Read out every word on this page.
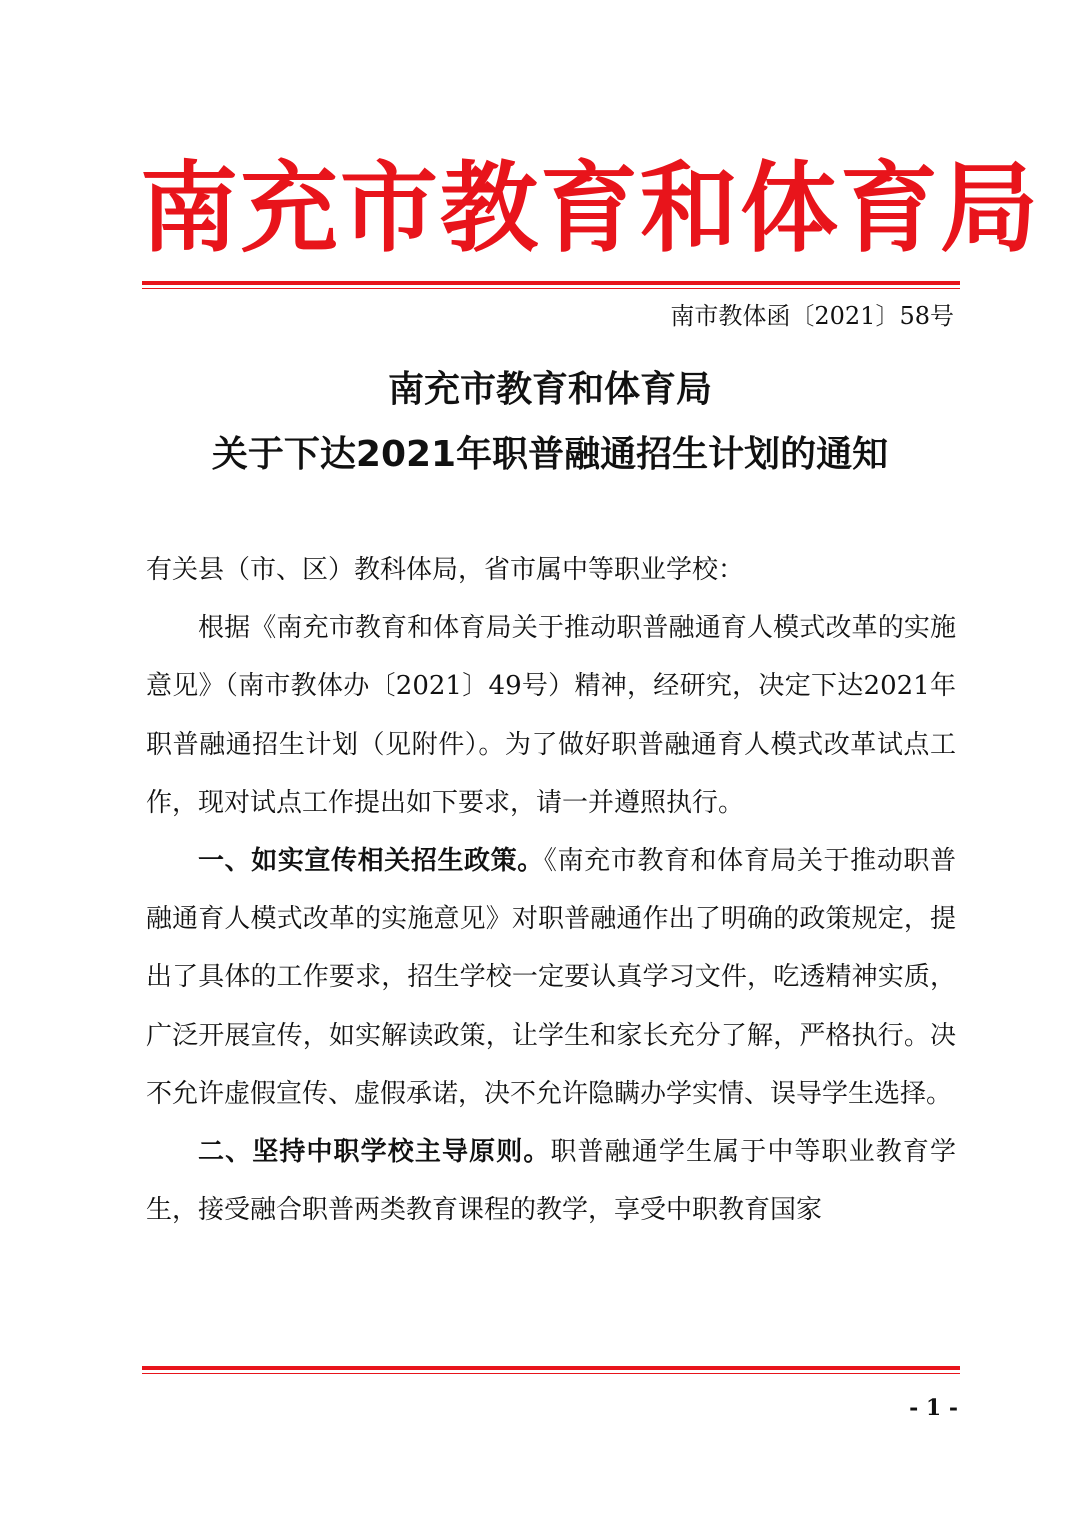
南充市教育和体育局
南市教体函〔2021〕58号
南充市教育和体育局
关于下达2021年职普融通招生计划的通知

有关县（市、区）教科体局，省市属中等职业学校：

根据《南充市教育和体育局关于推动职普融通育人模式改革的实施意见》（南市教体办〔2021〕49号）精神，经研究，决定下达2021年职普融通招生计划（见附件）。为了做好职普融通育人模式改革试点工作，现对试点工作提出如下要求，请一并遵照执行。

一、如实宣传相关招生政策。《南充市教育和体育局关于推动职普融通育人模式改革的实施意见》对职普融通作出了明确的政策规定，提出了具体的工作要求，招生学校一定要认真学习文件，吃透精神实质，广泛开展宣传，如实解读政策，让学生和家长充分了解，严格执行。决不允许虚假宣传、虚假承诺，决不允许隐瞒办学实情、误导学生选择。

二、坚持中职学校主导原则。职普融通学生属于中等职业教育学生，接受融合职普两类教育课程的教学，享受中职教育国家

- 1 -
